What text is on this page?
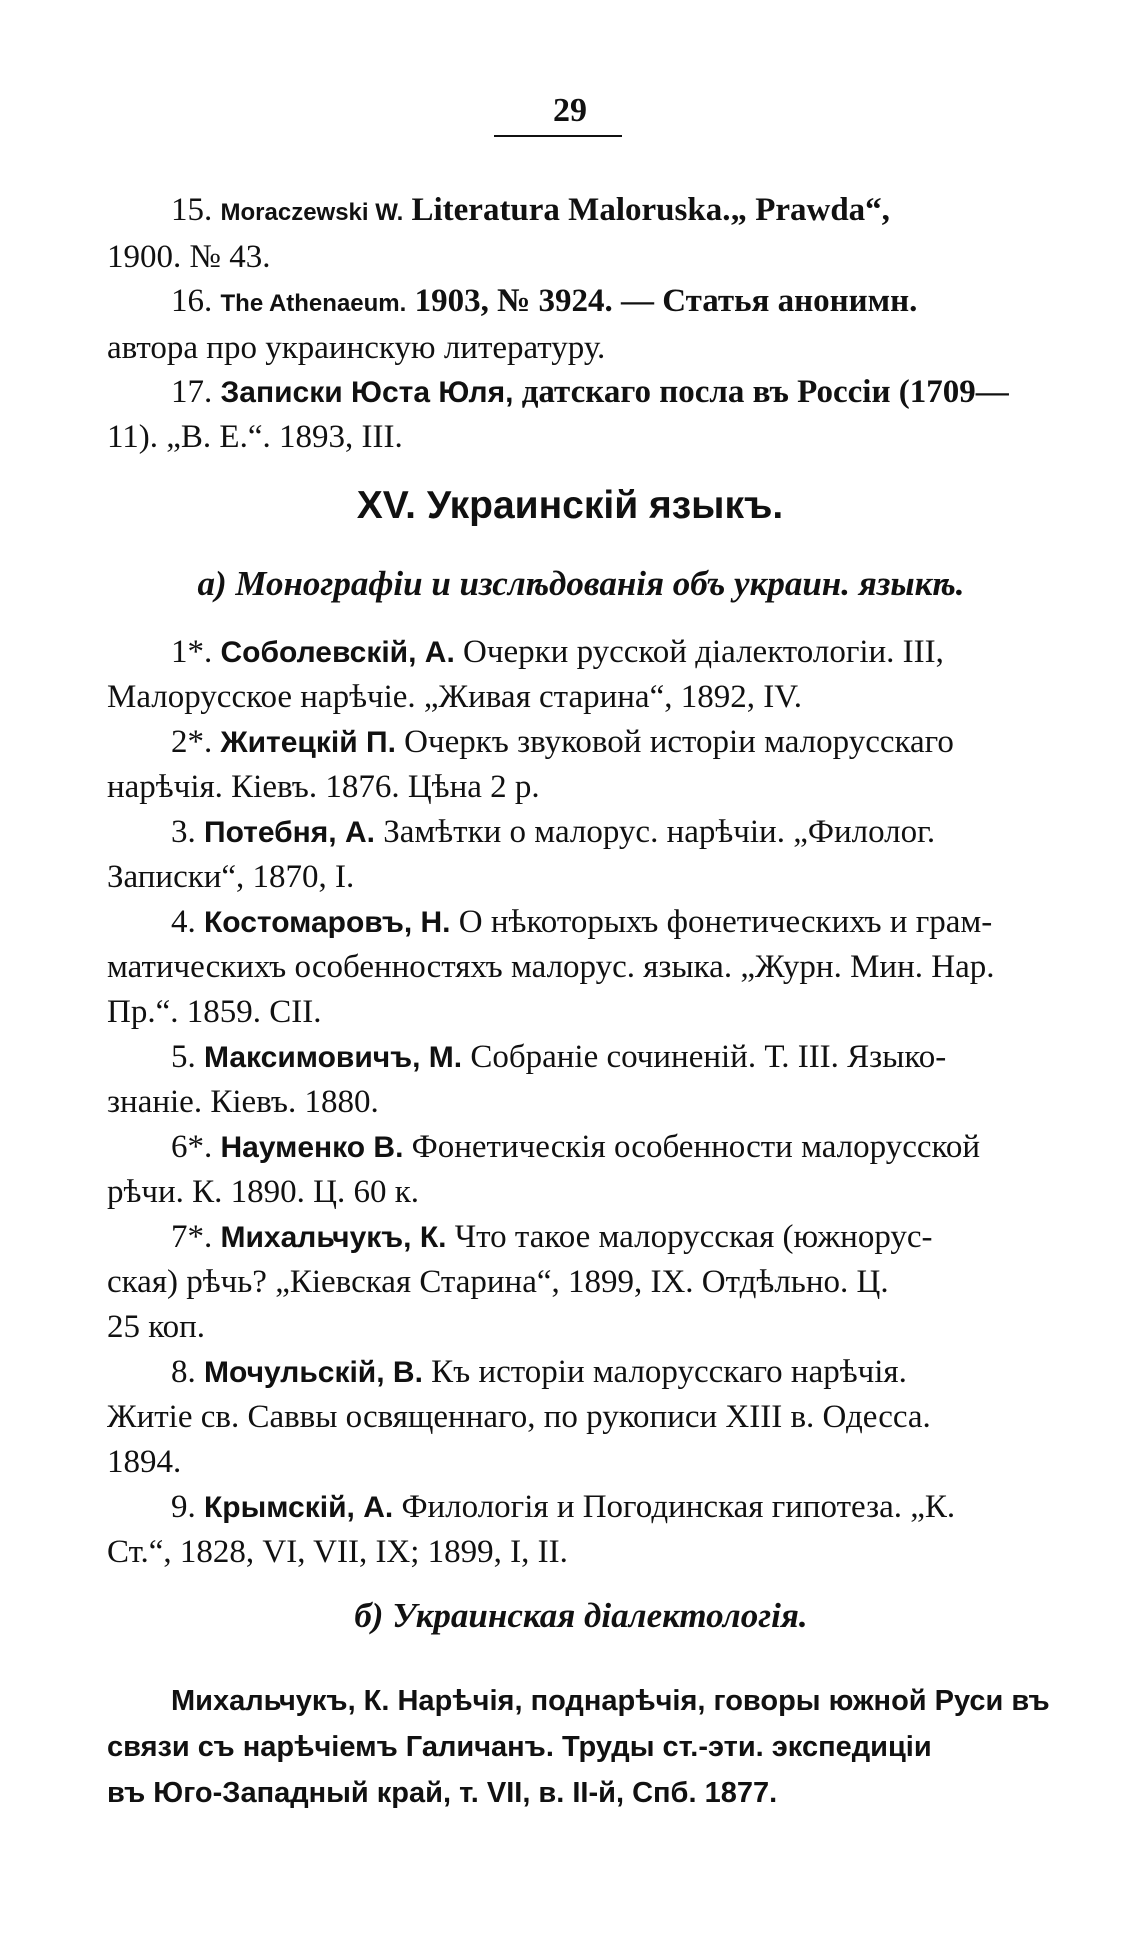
29
15. Moraczewski W. Literatura Maloruska.„ Prawda“,
1900. № 43.
16. The Athenaeum. 1903, № 3924. — Статья анонимн.
автора про украинскую литературу.
17. Записки Юста Юля, датскаго посла въ Россіи (1709—
11). „В. Е.“. 1893, III.
XV. Украинскій языкъ.
а) Монографіи и изслѣдованія объ украин. языкѣ.
1*. Соболевскій, А. Очерки русской діалектологіи. III,
Малорусское нарѣчіе. „Живая старина“, 1892, IV.
2*. Житецкій П. Очеркъ звуковой исторіи малорусскаго
нарѣчія. Кіевъ. 1876. Цѣна 2 р.
3. Потебня, А. Замѣтки о малорус. нарѣчіи. „Филолог.
Записки“, 1870, I.
4. Костомаровъ, Н. О нѣкоторыхъ фонетическихъ и грам-
матическихъ особенностяхъ малорус. языка. „Журн. Мин. Нар.
Пр.“. 1859. CII.
5. Максимовичъ, М. Собраніе сочиненій. Т. III. Языко-
знаніе. Кіевъ. 1880.
6*. Науменко В. Фонетическія особенности малорусской
рѣчи. К. 1890. Ц. 60 к.
7*. Михальчукъ, К. Что такое малорусская (южнорус-
ская) рѣчь? „Кіевская Старина“, 1899, IX. Отдѣльно. Ц.
25 коп.
8. Мочульскій, В. Къ исторіи малорусскаго нарѣчія.
Житіе св. Саввы освященнаго, по рукописи XIII в. Одесса.
1894.
9. Крымскій, А. Филологія и Погодинская гипотеза. „К.
Ст.“, 1828, VI, VII, IX; 1899, I, II.
б) Украинская діалектологія.
Михальчукъ, К. Нарѣчія, поднарѣчія, говоры южной Руси въ
связи съ нарѣчіемъ Галичанъ. Труды ст.-эти. экспедиціи
въ Юго-Западный край, т. VII, в. II-й, Спб. 1877.
